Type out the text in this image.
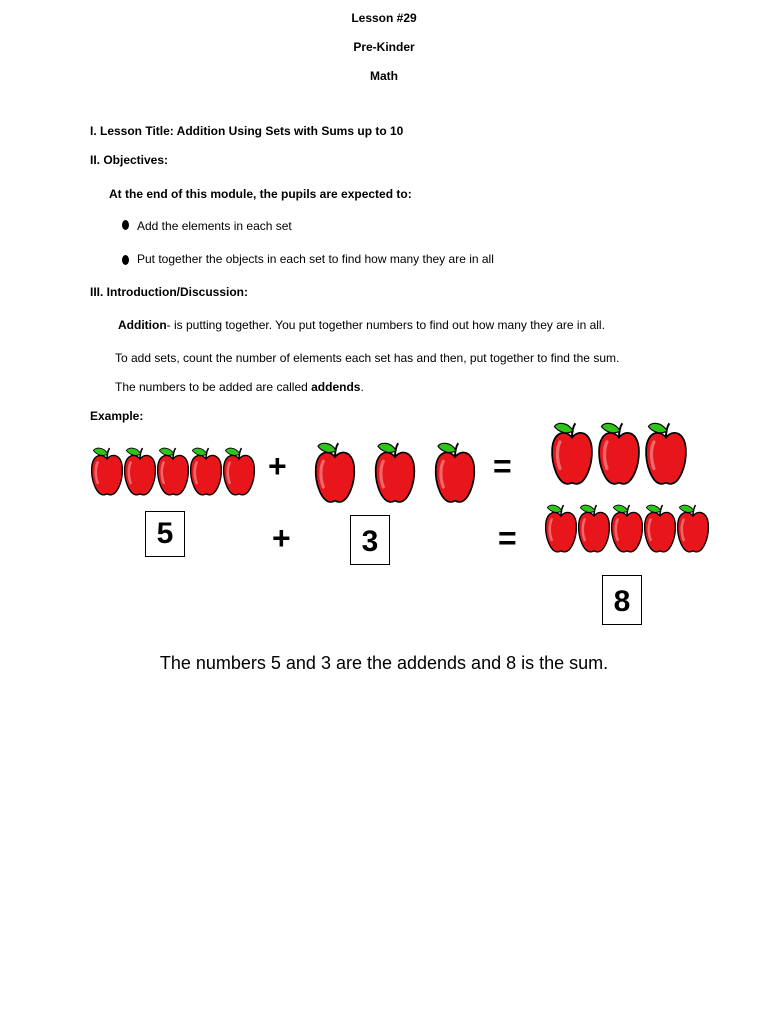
Lesson #29
Pre-Kinder
Math
I. Lesson Title: Addition Using Sets with Sums up to 10
II. Objectives:
At the end of this module, the pupils are expected to:
Add the elements in each set
Put together the objects in each set to find how many they are in all
III. Introduction/Discussion:
Addition- is putting together. You put together numbers to find out how many they are in all.
To add sets, count the number of elements each set has and then, put together to find the sum.
The numbers to be added are called addends.
Example:
+	=
5	+	3	=
8
The numbers 5 and 3 are the addends and 8 is the sum.
